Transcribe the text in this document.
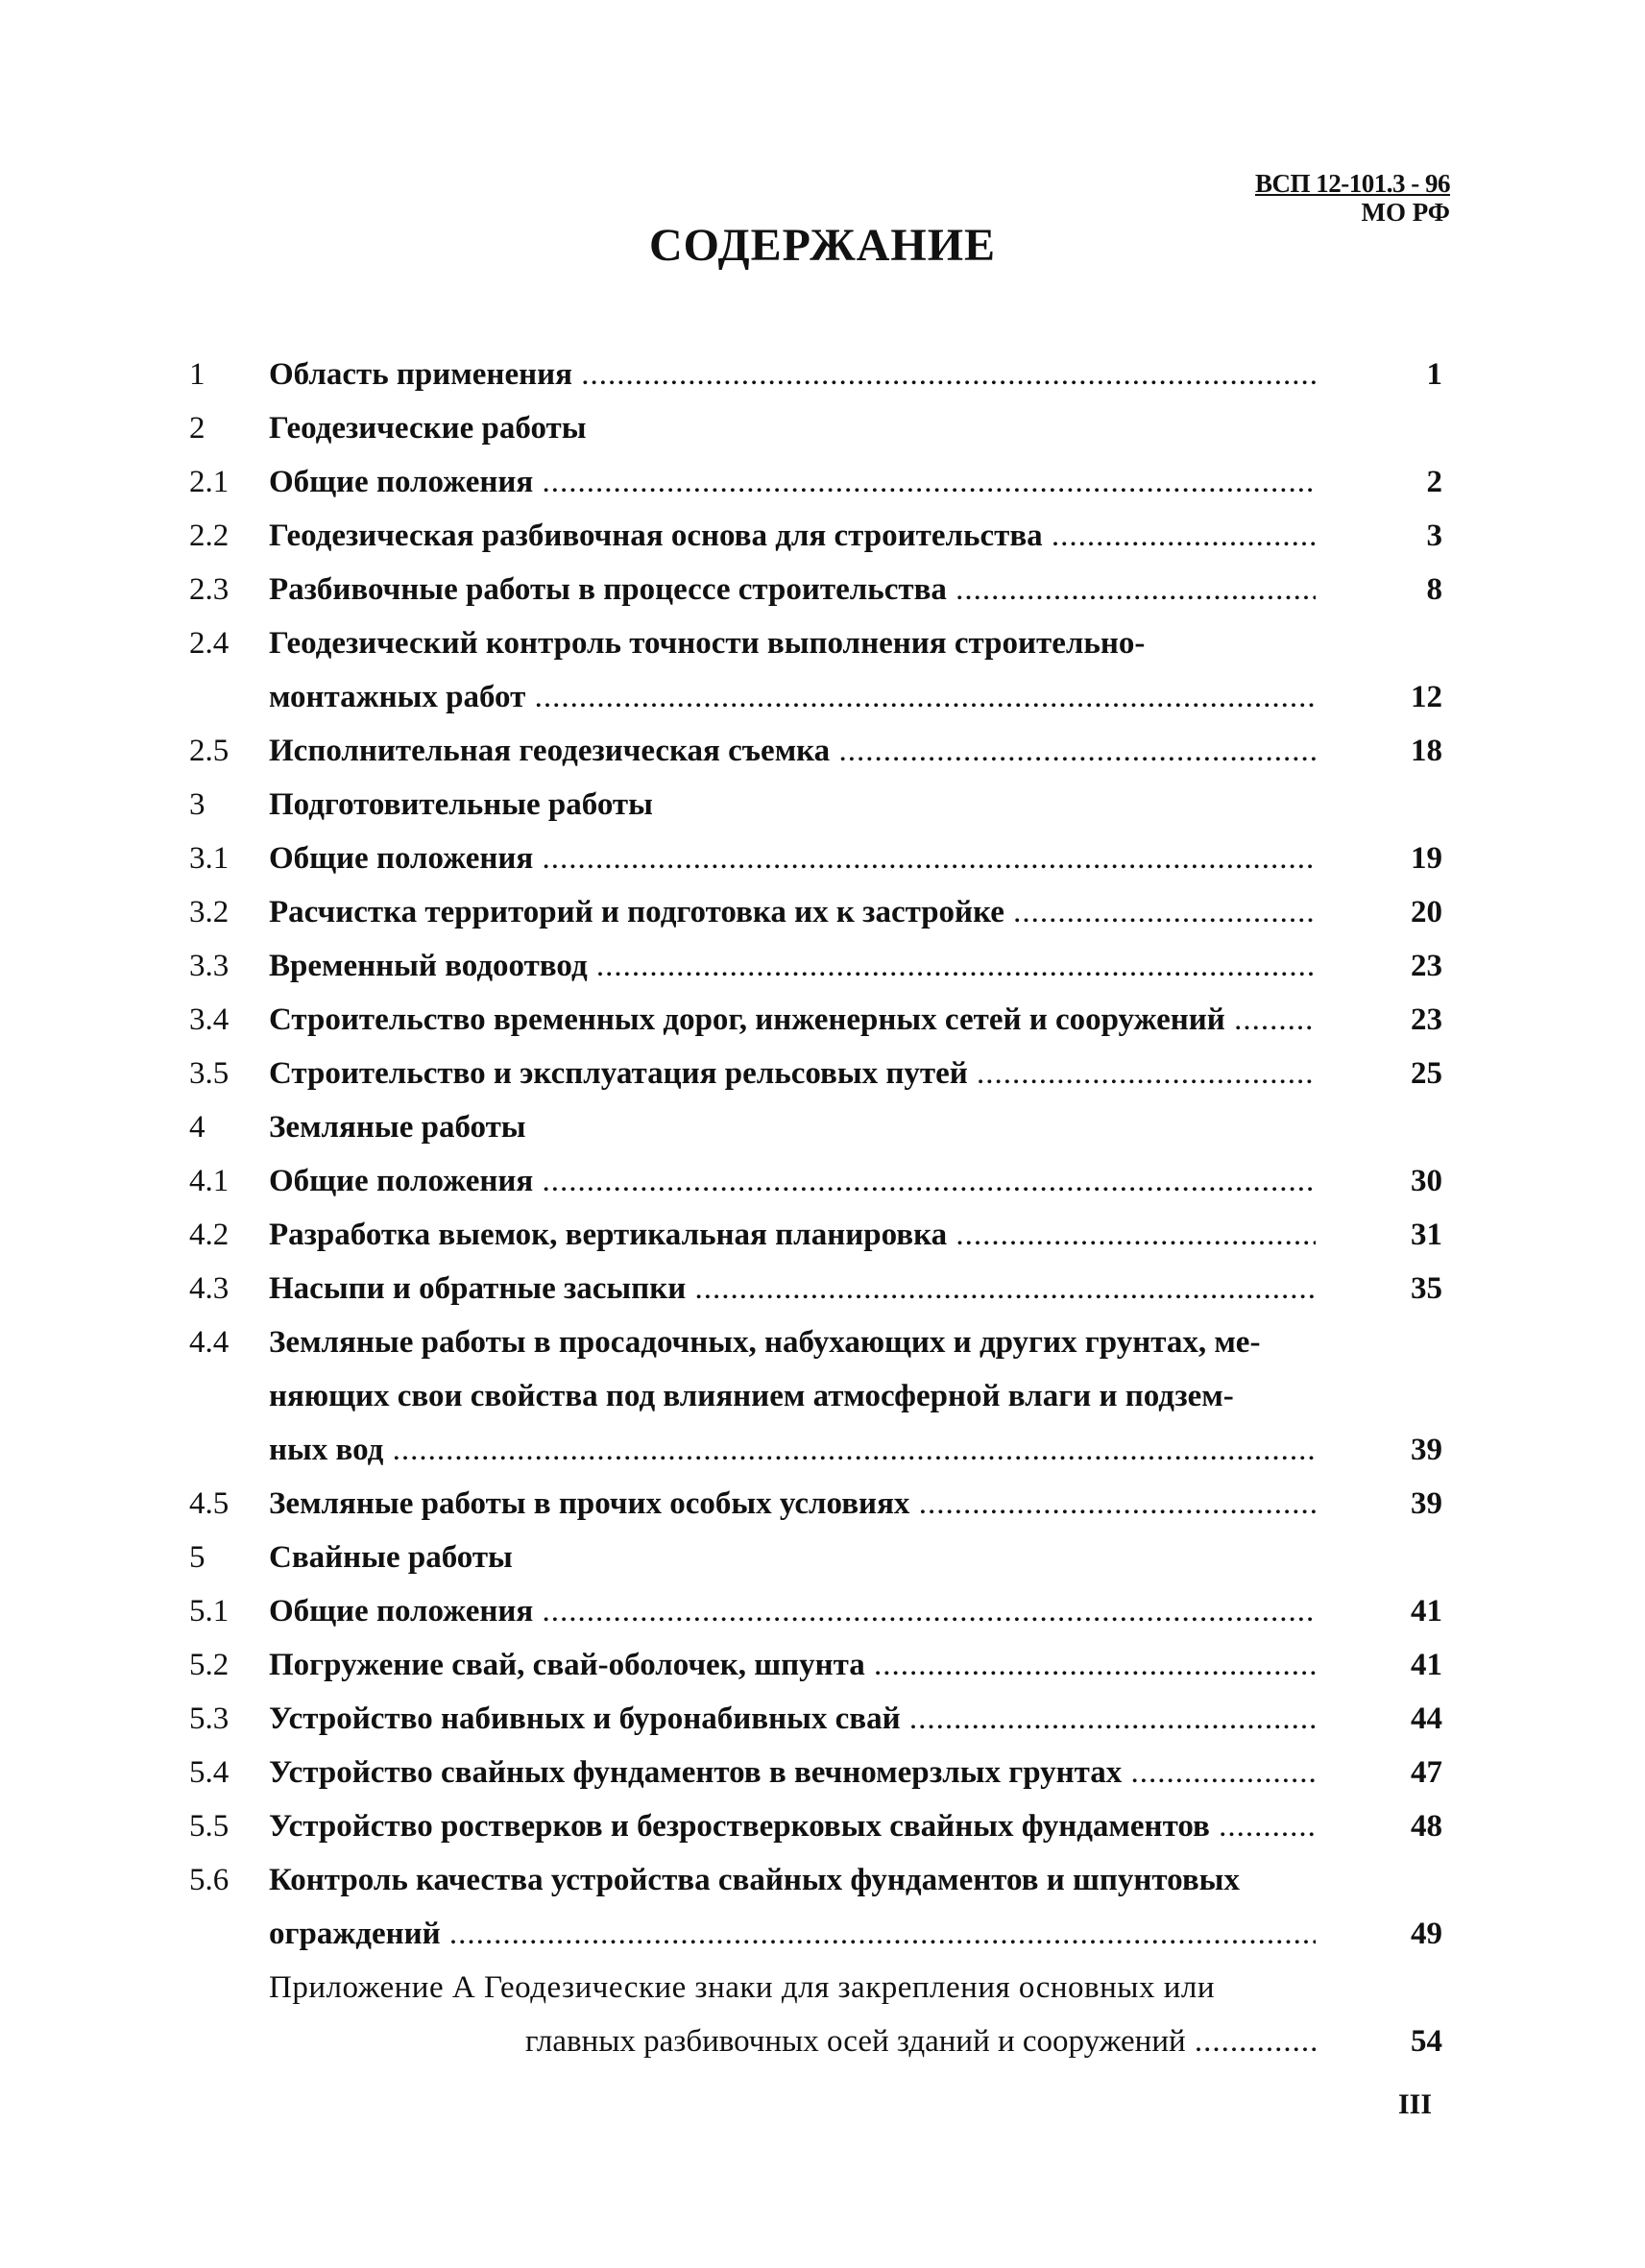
ВСП 12-101.3 - 96
МО РФ
СОДЕРЖАНИЕ
1 Область применения .....	1
2 Геодезические работы
2.1 Общие положения .....	2
2.2 Геодезическая разбивочная основа для строительства .....	3
2.3 Разбивочные работы в процессе строительства .....	8
2.4 Геодезический контроль точности выполнения строительно-
монтажных работ .....	12
2.5 Исполнительная геодезическая съемка .....	18
3 Подготовительные работы
3.1 Общие положения .....	19
3.2 Расчистка территорий и подготовка их к застройке .....	20
3.3 Временный водоотвод .....	23
3.4 Строительство временных дорог, инженерных сетей и сооружений .....	23
3.5 Строительство и эксплуатация рельсовых путей .....	25
4 Земляные работы
4.1 Общие положения .....	30
4.2 Разработка выемок, вертикальная планировка .....	31
4.3 Насыпи и обратные засыпки .....	35
4.4 Земляные работы в просадочных, набухающих и других грунтах, ме-
няющих свои свойства под влиянием атмосферной влаги и подзем-
ных вод .....	39
4.5 Земляные работы в прочих особых условиях .....	39
5 Свайные работы
5.1 Общие положения .....	41
5.2 Погружение свай, свай-оболочек, шпунта .....	41
5.3 Устройство набивных и буронабивных свай .....	44
5.4 Устройство свайных фундаментов в вечномерзлых грунтах .....	47
5.5 Устройство ростверков и безростверковых свайных фундаментов .....	48
5.6 Контроль качества устройства свайных фундаментов и шпунтовых
ограждений .....	49
Приложение А Геодезические знаки для закрепления основных или
главных разбивочных осей зданий и сооружений .....	54
III
